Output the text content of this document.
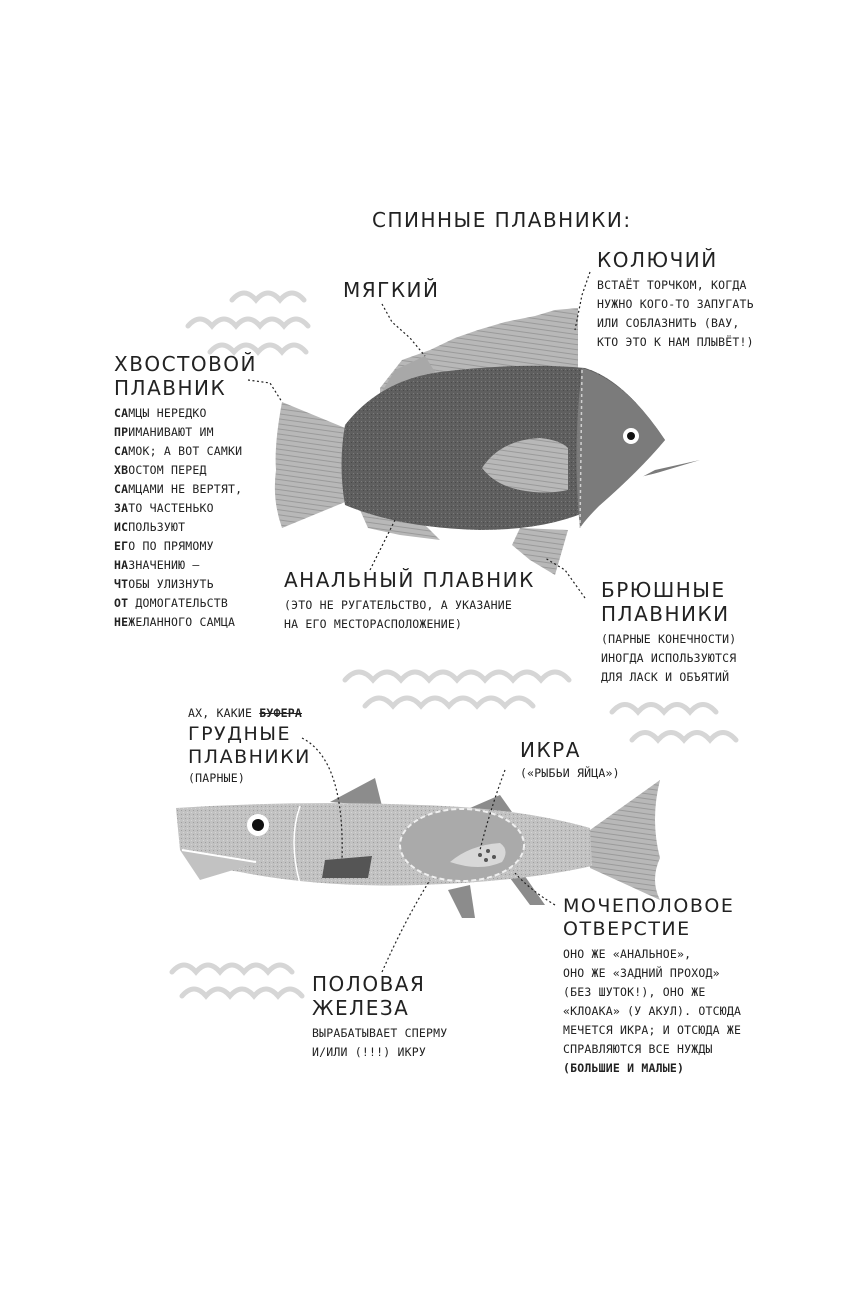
СПИННЫЕ ПЛАВНИКИ:
МЯГКИЙ
КОЛЮЧИЙ
ВСТАЁТ ТОРЧКОМ, КОГДА
НУЖНО КОГО-ТО ЗАПУГАТЬ
ИЛИ СОБЛАЗНИТЬ (ВАУ,
КТО ЭТО К НАМ ПЛЫВЁТ!)
ХВОСТОВОЙ
ПЛАВНИК
САМЦЫ НЕРЕДКО
ПРИМАНИВАЮТ ИМ
САМОК; А ВОТ САМКИ
ХВОСТОМ ПЕРЕД
САМЦАМИ НЕ ВЕРТЯТ,
ЗАТО ЧАСТЕНЬКО
ИСПОЛЬЗУЮТ
ЕГО ПО ПРЯМОМУ
НАЗНАЧЕНИЮ —
ЧТОБЫ УЛИЗНУТЬ
ОТ ДОМОГАТЕЛЬСТВ
НЕЖЕЛАННОГО САМЦА
АНАЛЬНЫЙ ПЛАВНИК
(ЭТО НЕ РУГАТЕЛЬСТВО, А УКАЗАНИЕ
НА ЕГО МЕСТОРАСПОЛОЖЕНИЕ)
БРЮШНЫЕ
ПЛАВНИКИ
(ПАРНЫЕ КОНЕЧНОСТИ)
ИНОГДА ИСПОЛЬЗУЮТСЯ
ДЛЯ ЛАСК И ОБЪЯТИЙ
АХ, КАКИЕ БУФЕРА
ГРУДНЫЕ
ПЛАВНИКИ
(ПАРНЫЕ)
ИКРА
(«РЫБЬИ ЯЙЦА»)
МОЧЕПОЛОВОЕ
ОТВЕРСТИЕ
ОНО ЖЕ «АНАЛЬНОЕ»,
ОНО ЖЕ «ЗАДНИЙ ПРОХОД»
(БЕЗ ШУТОК!), ОНО ЖЕ
«КЛОАКА» (У АКУЛ). ОТСЮДА
МЕЧЕТСЯ ИКРА; И ОТСЮДА ЖЕ
СПРАВЛЯЮТСЯ ВСЕ НУЖДЫ
(БОЛЬШИЕ И МАЛЫЕ)
ПОЛОВАЯ
ЖЕЛЕЗА
ВЫРАБАТЫВАЕТ СПЕРМУ
И/ИЛИ (!!!) ИКРУ
